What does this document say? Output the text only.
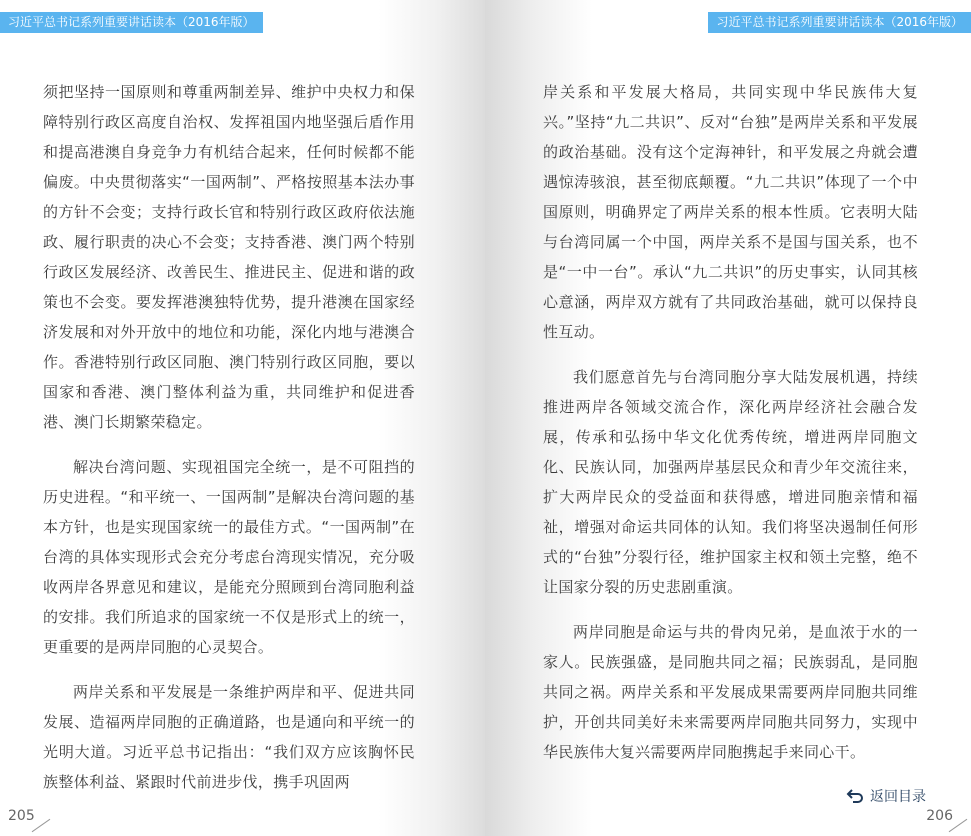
习近平总书记系列重要讲话读本（2016年版）

须把坚持一国原则和尊重两制差异、维护中央权力和保障特别行政区高度自治权、发挥祖国内地坚强后盾作用和提高港澳自身竞争力有机结合起来，任何时候都不能偏废。中央贯彻落实“一国两制”、严格按照基本法办事的方针不会变；支持行政长官和特别行政区政府依法施政、履行职责的决心不会变；支持香港、澳门两个特别行政区发展经济、改善民生、推进民主、促进和谐的政策也不会变。要发挥港澳独特优势，提升港澳在国家经济发展和对外开放中的地位和功能，深化内地与港澳合作。香港特别行政区同胞、澳门特别行政区同胞，要以国家和香港、澳门整体利益为重，共同维护和促进香港、澳门长期繁荣稳定。

解决台湾问题、实现祖国完全统一，是不可阻挡的历史进程。“和平统一、一国两制”是解决台湾问题的基本方针，也是实现国家统一的最佳方式。“一国两制”在台湾的具体实现形式会充分考虑台湾现实情况，充分吸收两岸各界意见和建议，是能充分照顾到台湾同胞利益的安排。我们所追求的国家统一不仅是形式上的统一，更重要的是两岸同胞的心灵契合。

两岸关系和平发展是一条维护两岸和平、促进共同发展、造福两岸同胞的正确道路，也是通向和平统一的光明大道。习近平总书记指出：“我们双方应该胸怀民族整体利益、紧跟时代前进步伐，携手巩固两

205
习近平总书记系列重要讲话读本（2016年版）

岸关系和平发展大格局，共同实现中华民族伟大复兴。”坚持“九二共识”、反对“台独”是两岸关系和平发展的政治基础。没有这个定海神针，和平发展之舟就会遭遇惊涛骇浪，甚至彻底颠覆。“九二共识”体现了一个中国原则，明确界定了两岸关系的根本性质。它表明大陆与台湾同属一个中国，两岸关系不是国与国关系，也不是“一中一台”。承认“九二共识”的历史事实，认同其核心意涵，两岸双方就有了共同政治基础，就可以保持良性互动。

我们愿意首先与台湾同胞分享大陆发展机遇，持续推进两岸各领域交流合作，深化两岸经济社会融合发展，传承和弘扬中华文化优秀传统，增进两岸同胞文化、民族认同，加强两岸基层民众和青少年交流往来，扩大两岸民众的受益面和获得感，增进同胞亲情和福祉，增强对命运共同体的认知。我们将坚决遏制任何形式的“台独”分裂行径，维护国家主权和领土完整，绝不让国家分裂的历史悲剧重演。

两岸同胞是命运与共的骨肉兄弟，是血浓于水的一家人。民族强盛，是同胞共同之福；民族弱乱，是同胞共同之祸。两岸关系和平发展成果需要两岸同胞共同维护，开创共同美好未来需要两岸同胞共同努力，实现中华民族伟大复兴需要两岸同胞携起手来同心干。

返回目录
206
